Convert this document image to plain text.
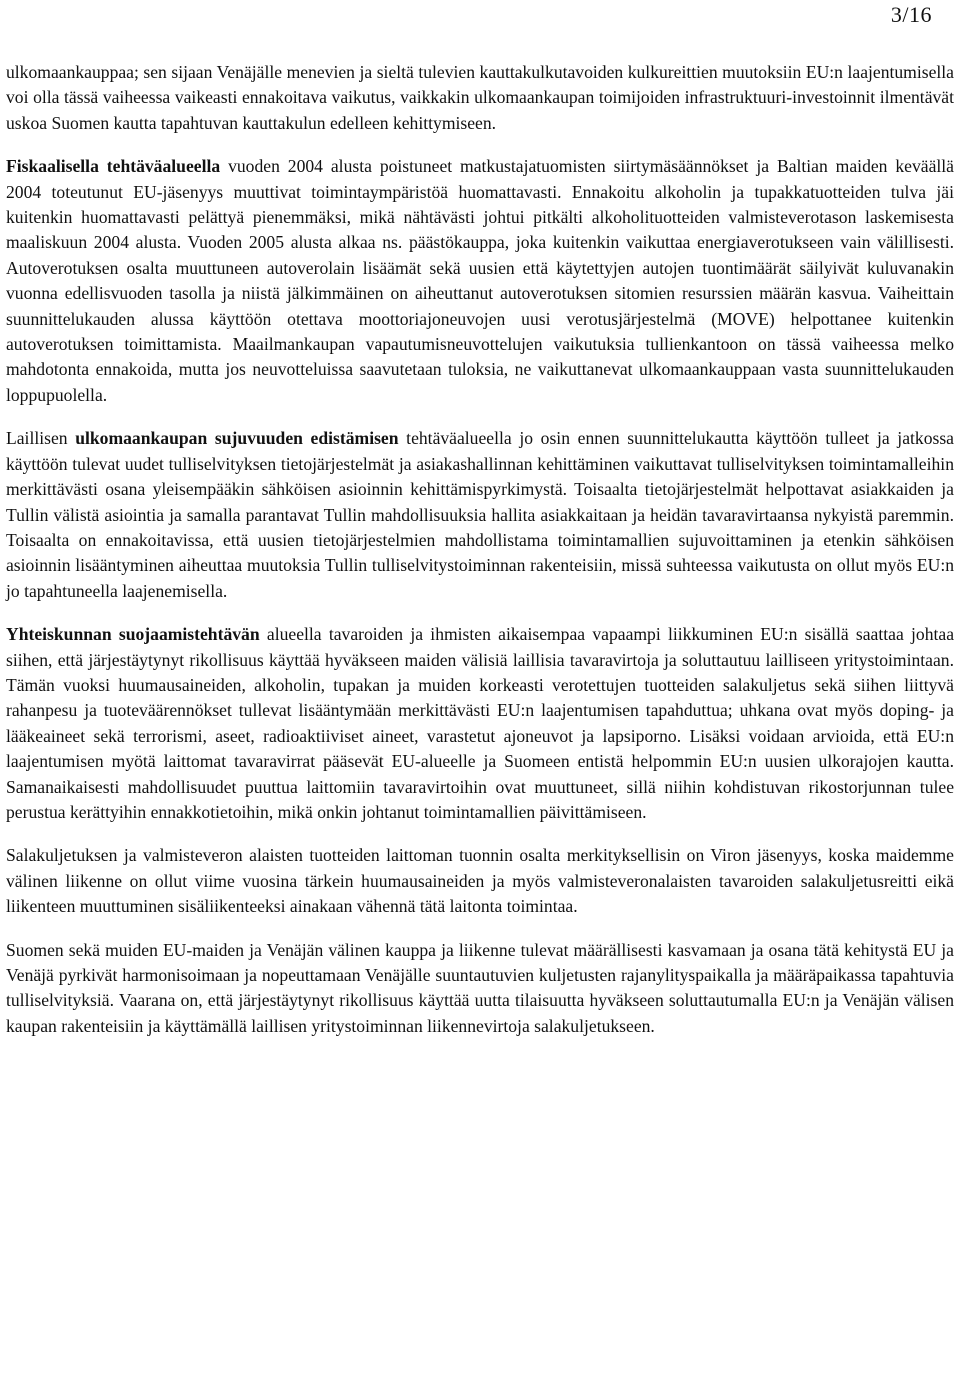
3/16

ulkomaankauppaa; sen sijaan Venäjälle menevien ja sieltä tulevien kauttakulkutavoiden kulkureittien muutoksiin EU:n laajentumisella voi olla tässä vaiheessa vaikeasti ennakoitava vaikutus, vaikkakin ulkomaankaupan toimijoiden infrastruktuuri-investoinnit ilmentävät uskoa Suomen kautta tapahtuvan kauttakulun edelleen kehittymiseen.

Fiskaalisella tehtäväalueella vuoden 2004 alusta poistuneet matkustajatuomisten siirtymäsäännökset ja Baltian maiden keväällä 2004 toteutunut EU-jäsenyys muuttivat toimintaympäristöä huomattavasti. Ennakoitu alkoholin ja tupakkatuotteiden tulva jäi kuitenkin huomattavasti pelättyä pienemmäksi, mikä nähtävästi johtui pitkälti alkoholituotteiden valmisteverotason laskemisesta maaliskuun 2004 alusta. Vuoden 2005 alusta alkaa ns. päästökauppa, joka kuitenkin vaikuttaa energiaverotukseen vain välillisesti. Autoverotuksen osalta muuttuneen autoverolain lisäämät sekä uusien että käytettyjen autojen tuontimäärät säilyivät kuluvanakin vuonna edellisvuoden tasolla ja niistä jälkimmäinen on aiheuttanut autoverotuksen sitomien resurssien määrän kasvua. Vaiheittain suunnittelukauden alussa käyttöön otettava moottoriajoneuvojen uusi verotusjärjestelmä (MOVE) helpottanee kuitenkin autoverotuksen toimittamista. Maailmankaupan vapautumisneuvottelujen vaikutuksia tullienkantoon on tässä vaiheessa melko mahdotonta ennakoida, mutta jos neuvotteluissa saavutetaan tuloksia, ne vaikuttanevat ulkomaankauppaan vasta suunnittelukauden loppupuolella.

Laillisen ulkomaankaupan sujuvuuden edistämisen tehtäväalueella jo osin ennen suunnittelukautta käyttöön tulleet ja jatkossa käyttöön tulevat uudet tulliselvityksen tietojärjestelmät ja asiakashallinnan kehittäminen vaikuttavat tulliselvityksen toimintamalleihin merkittävästi osana yleisempääkin sähköisen asioinnin kehittämispyrkimystä. Toisaalta tietojärjestelmät helpottavat asiakkaiden ja Tullin välistä asiointia ja samalla parantavat Tullin mahdollisuuksia hallita asiakkaitaan ja heidän tavaravirtaansa nykyistä paremmin. Toisaalta on ennakoitavissa, että uusien tietojärjestelmien mahdollistama toimintamallien sujuvoittaminen ja etenkin sähköisen asioinnin lisääntyminen aiheuttaa muutoksia Tullin tulliselvitystoiminnan rakenteisiin, missä suhteessa vaikutusta on ollut myös EU:n jo tapahtuneella laajenemisella.

Yhteiskunnan suojaamistehtävän alueella tavaroiden ja ihmisten aikaisempaa vapaampi liikkuminen EU:n sisällä saattaa johtaa siihen, että järjestäytynyt rikollisuus käyttää hyväkseen maiden välisiä laillisia tavaravirtoja ja soluttautuu lailliseen yritystoimintaan. Tämän vuoksi huumausaineiden, alkoholin, tupakan ja muiden korkeasti verotettujen tuotteiden salakuljetus sekä siihen liittyvä rahanpesu ja tuoteväärennökset tullevat lisääntymään merkittävästi EU:n laajentumisen tapahduttua; uhkana ovat myös doping- ja lääkeaineet sekä terrorismi, aseet, radioaktiiviset aineet, varastetut ajoneuvot ja lapsiporno. Lisäksi voidaan arvioida, että EU:n laajentumisen myötä laittomat tavaravirrat pääsevät EU-alueelle ja Suomeen entistä helpommin EU:n uusien ulkorajojen kautta. Samanaikaisesti mahdollisuudet puuttua laittomiin tavaravirtoihin ovat muuttuneet, sillä niihin kohdistuvan rikostorjunnan tulee perustua kerättyihin ennakkotietoihin, mikä onkin johtanut toimintamallien päivittämiseen.

Salakuljetuksen ja valmisteveron alaisten tuotteiden laittoman tuonnin osalta merkityksellisin on Viron jäsenyys, koska maidemme välinen liikenne on ollut viime vuosina tärkein huumausaineiden ja myös valmisteveronalaisten tavaroiden salakuljetusreitti eikä liikenteen muuttuminen sisäliikenteeksi ainakaan vähennä tätä laitonta toimintaa.

Suomen sekä muiden EU-maiden ja Venäjän välinen kauppa ja liikenne tulevat määrällisesti kasvamaan ja osana tätä kehitystä EU ja Venäjä pyrkivät harmonisoimaan ja nopeuttamaan Venäjälle suuntautuvien kuljetusten rajanylityspaikalla ja määräpaikassa tapahtuvia tulliselvityksiä. Vaarana on, että järjestäytynyt rikollisuus käyttää uutta tilaisuutta hyväkseen soluttautumalla EU:n ja Venäjän välisen kaupan rakenteisiin ja käyttämällä laillisen yritystoiminnan liikennevirtoja salakuljetukseen.
